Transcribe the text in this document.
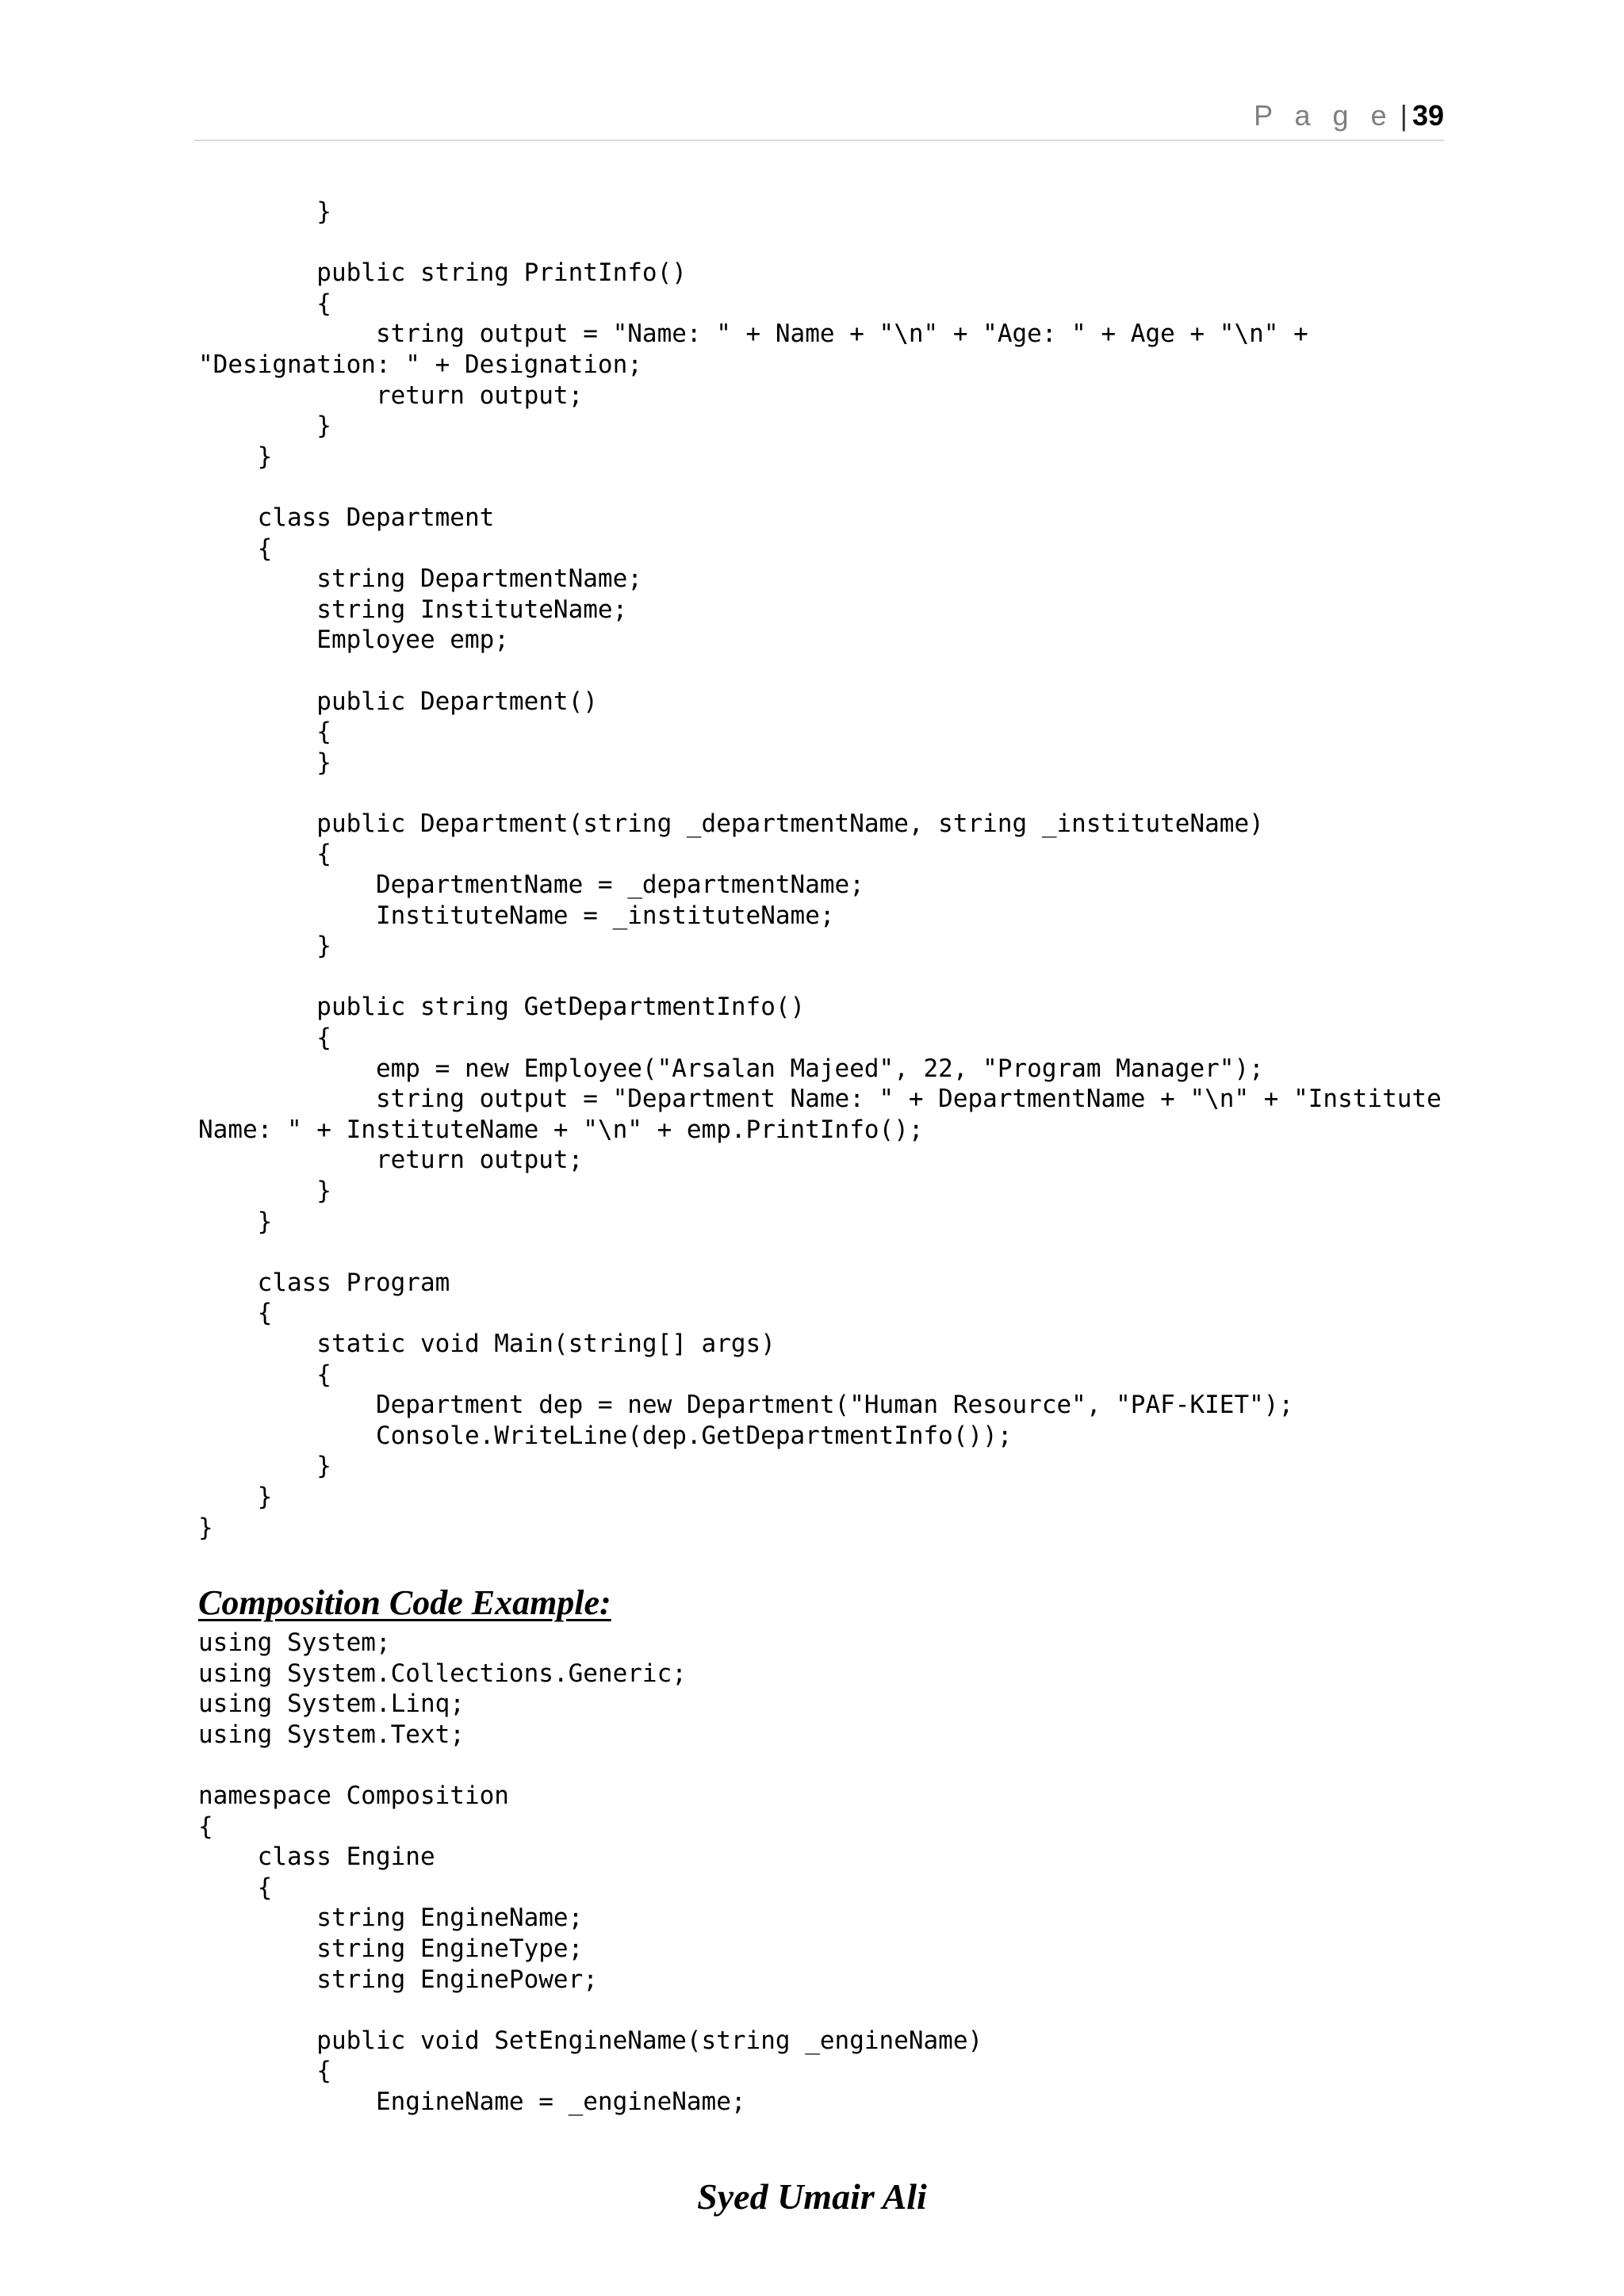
P a g e | 39
}
public string PrintInfo()
{
string output = "Name: " + Name + "\n" + "Age: " + Age + "\n" +
"Designation: " + Designation;
return output;
}
}
class Department
{
string DepartmentName;
string InstituteName;
Employee emp;
public Department()
{
}
public Department(string _departmentName, string _instituteName)
{
DepartmentName = _departmentName;
InstituteName = _instituteName;
}
public string GetDepartmentInfo()
{
emp = new Employee("Arsalan Majeed", 22, "Program Manager");
string output = "Department Name: " + DepartmentName + "\n" + "Institute
Name: " + InstituteName + "\n" + emp.PrintInfo();
return output;
}
}
class Program
{
static void Main(string[] args)
{
Department dep = new Department("Human Resource", "PAF-KIET");
Console.WriteLine(dep.GetDepartmentInfo());
}
}
}
Composition Code Example:
using System;
using System.Collections.Generic;
using System.Linq;
using System.Text;
namespace Composition
{
class Engine
{
string EngineName;
string EngineType;
string EnginePower;
public void SetEngineName(string _engineName)
{
EngineName = _engineName;
Syed Umair Ali
